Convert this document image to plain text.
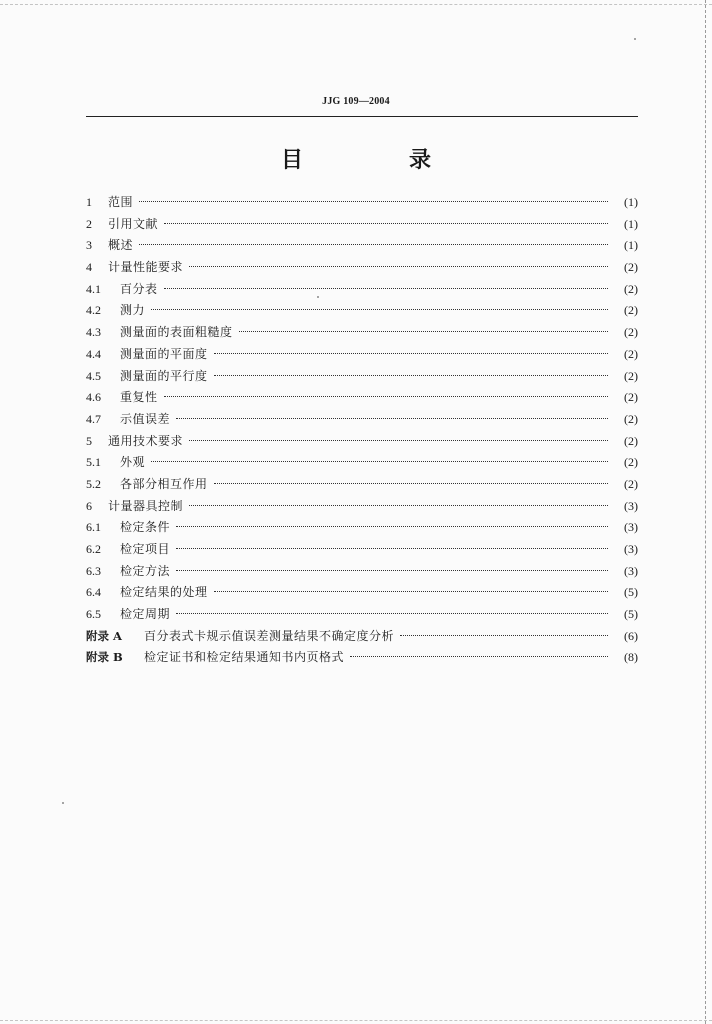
JJG 109—2004
目　录
1	范围	(1)
2	引用文献	(1)
3	概述	(1)
4	计量性能要求	(2)
4.1	百分表	(2)
4.2	测力	(2)
4.3	测量面的表面粗糙度	(2)
4.4	测量面的平面度	(2)
4.5	测量面的平行度	(2)
4.6	重复性	(2)
4.7	示值误差	(2)
5	通用技术要求	(2)
5.1	外观	(2)
5.2	各部分相互作用	(2)
6	计量器具控制	(3)
6.1	检定条件	(3)
6.2	检定项目	(3)
6.3	检定方法	(3)
6.4	检定结果的处理	(5)
6.5	检定周期	(5)
附录 A	百分表式卡规示值误差测量结果不确定度分析	(6)
附录 B	检定证书和检定结果通知书内页格式	(8)
